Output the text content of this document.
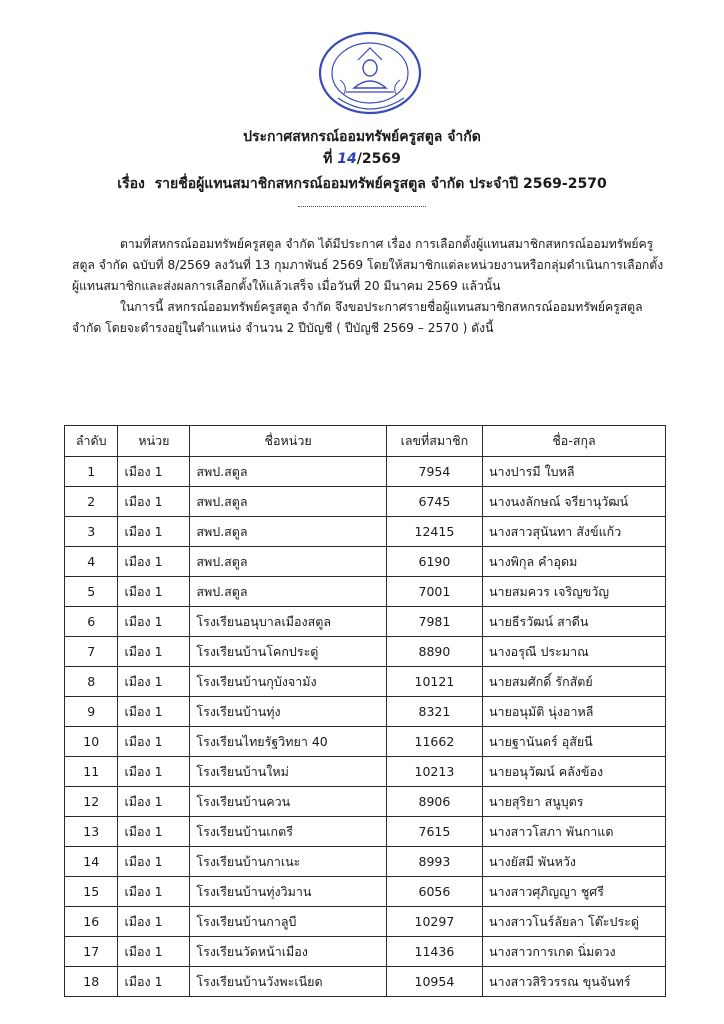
ประกาศสหกรณ์ออมทรัพย์ครูสตูล จำกัด
ที่ 14/2569
เรื่อง รายชื่อผู้แทนสมาชิกสหกรณ์ออมทรัพย์ครูสตูล จำกัด ประจำปี 2569-2570

ตามที่สหกรณ์ออมทรัพย์ครูสตูล จำกัด ได้มีประกาศ เรื่อง การเลือกตั้งผู้แทนสมาชิกสหกรณ์ออมทรัพย์ครูสตูล จำกัด ฉบับที่ 8/2569 ลงวันที่ 13 กุมภาพันธ์ 2569 โดยให้สมาชิกแต่ละหน่วยงานหรือกลุ่มดำเนินการเลือกตั้งผู้แทนสมาชิกและส่งผลการเลือกตั้งให้แล้วเสร็จ เมื่อวันที่ 20 มีนาคม 2569 แล้วนั้น

ในการนี้ สหกรณ์ออมทรัพย์ครูสตูล จำกัด จึงขอประกาศรายชื่อผู้แทนสมาชิกสหกรณ์ออมทรัพย์ครูสตูล จำกัด โดยจะดำรงอยู่ในตำแหน่ง จำนวน 2 ปีบัญชี ( ปีบัญชี 2569 – 2570 ) ดังนี้

ลำดับ	หน่วย	ชื่อหน่วย	เลขที่สมาชิก	ชื่อ-สกุล
1	เมือง 1	สพป.สตูล	7954	นางปารมี ใบหลี
2	เมือง 1	สพป.สตูล	6745	นางนงลักษณ์ จรียานุวัฒน์
3	เมือง 1	สพป.สตูล	12415	นางสาวสุนันทา สังข์แก้ว
4	เมือง 1	สพป.สตูล	6190	นางพิกุล คำอุดม
5	เมือง 1	สพป.สตูล	7001	นายสมควร เจริญขวัญ
6	เมือง 1	โรงเรียนอนุบาลเมืองสตูล	7981	นายธีรวัฒน์ สาดีน
7	เมือง 1	โรงเรียนบ้านโคกประดู่	8890	นางอรุณี ประมาณ
8	เมือง 1	โรงเรียนบ้านกุบังจามัง	10121	นายสมศักดิ์ รักสัตย์
9	เมือง 1	โรงเรียนบ้านทุ่ง	8321	นายอนุมัติ นุ่งอาหลี
10	เมือง 1	โรงเรียนไทยรัฐวิทยา 40	11662	นายฐานันดร์ อุสัยนี
11	เมือง 1	โรงเรียนบ้านใหม่	10213	นายอนุวัฒน์ คลังข้อง
12	เมือง 1	โรงเรียนบ้านควน	8906	นายสุริยา สนูบุตร
13	เมือง 1	โรงเรียนบ้านเกตรี	7615	นางสาวโสภา พันกาแด
14	เมือง 1	โรงเรียนบ้านกาเนะ	8993	นางยัสมี พันหวัง
15	เมือง 1	โรงเรียนบ้านทุ่งวิมาน	6056	นางสาวศุภิญญา ชูศรี
16	เมือง 1	โรงเรียนบ้านกาลูบี	10297	นางสาวโนร์ลัยลา โต๊ะประดู่
17	เมือง 1	โรงเรียนวัดหน้าเมือง	11436	นางสาวการเกด นิ่มดวง
18	เมือง 1	โรงเรียนบ้านวังพะเนียด	10954	นางสาวสิริวรรณ ขุนจันทร์
